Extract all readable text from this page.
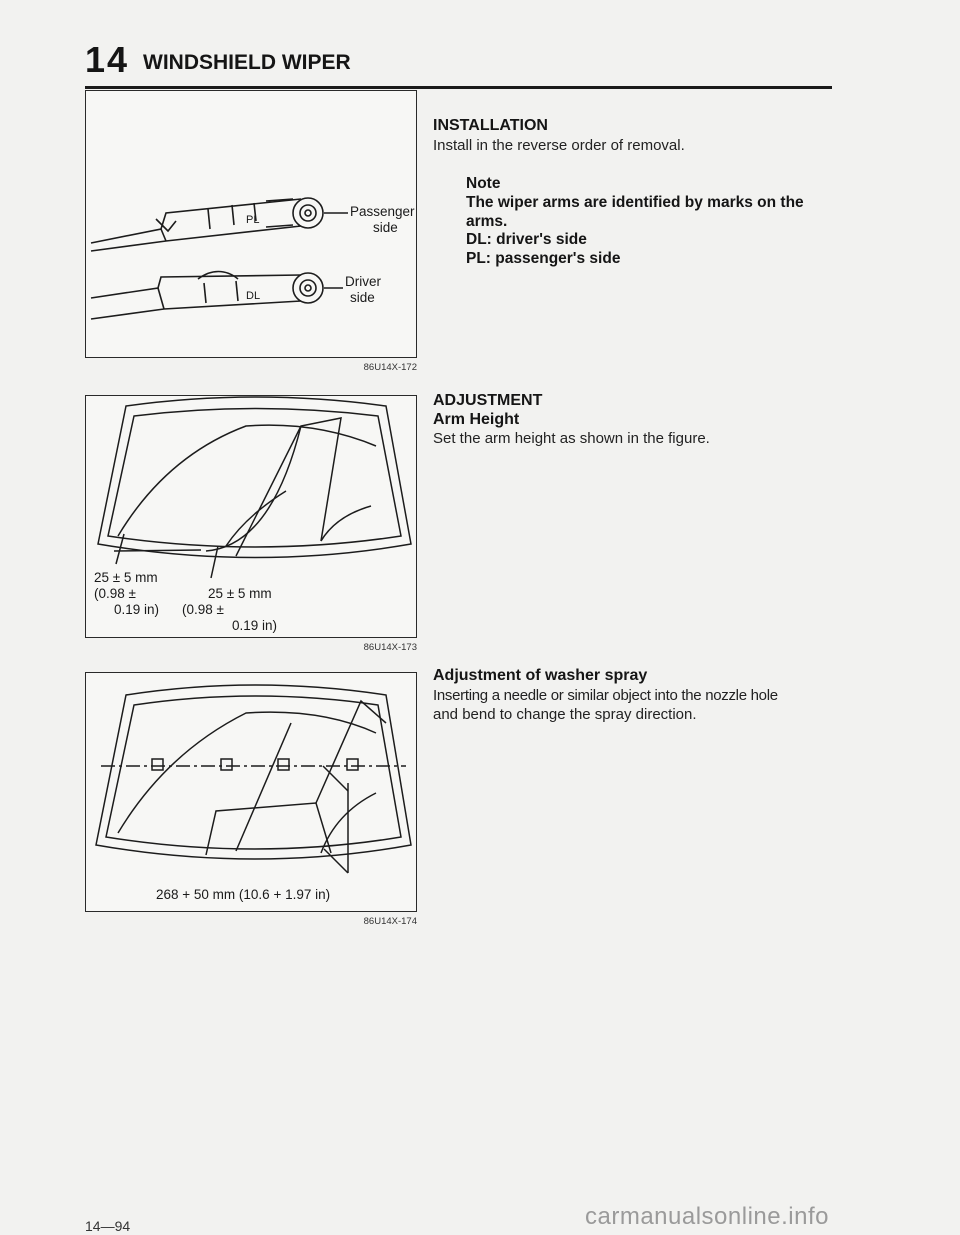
14 WINDSHIELD WIPER
PL
DL
Passenger
side
Driver
side
86U14X-172
25 ± 5 mm
(0.98 ±
0.19 in)
25 ± 5 mm
(0.98 ±
0.19 in)
86U14X-173
268 + 50 mm (10.6 + 1.97 in)
86U14X-174
INSTALLATION
Install in the reverse order of removal.
Note
The wiper arms are identified by marks on the
arms.
DL: driver's side
PL: passenger's side
ADJUSTMENT
Arm Height
Set the arm height as shown in the figure.
Adjustment of washer spray
Inserting a needle or similar object into the nozzle hole
and bend to change the spray direction.
14—94	carmanualsonline.info
